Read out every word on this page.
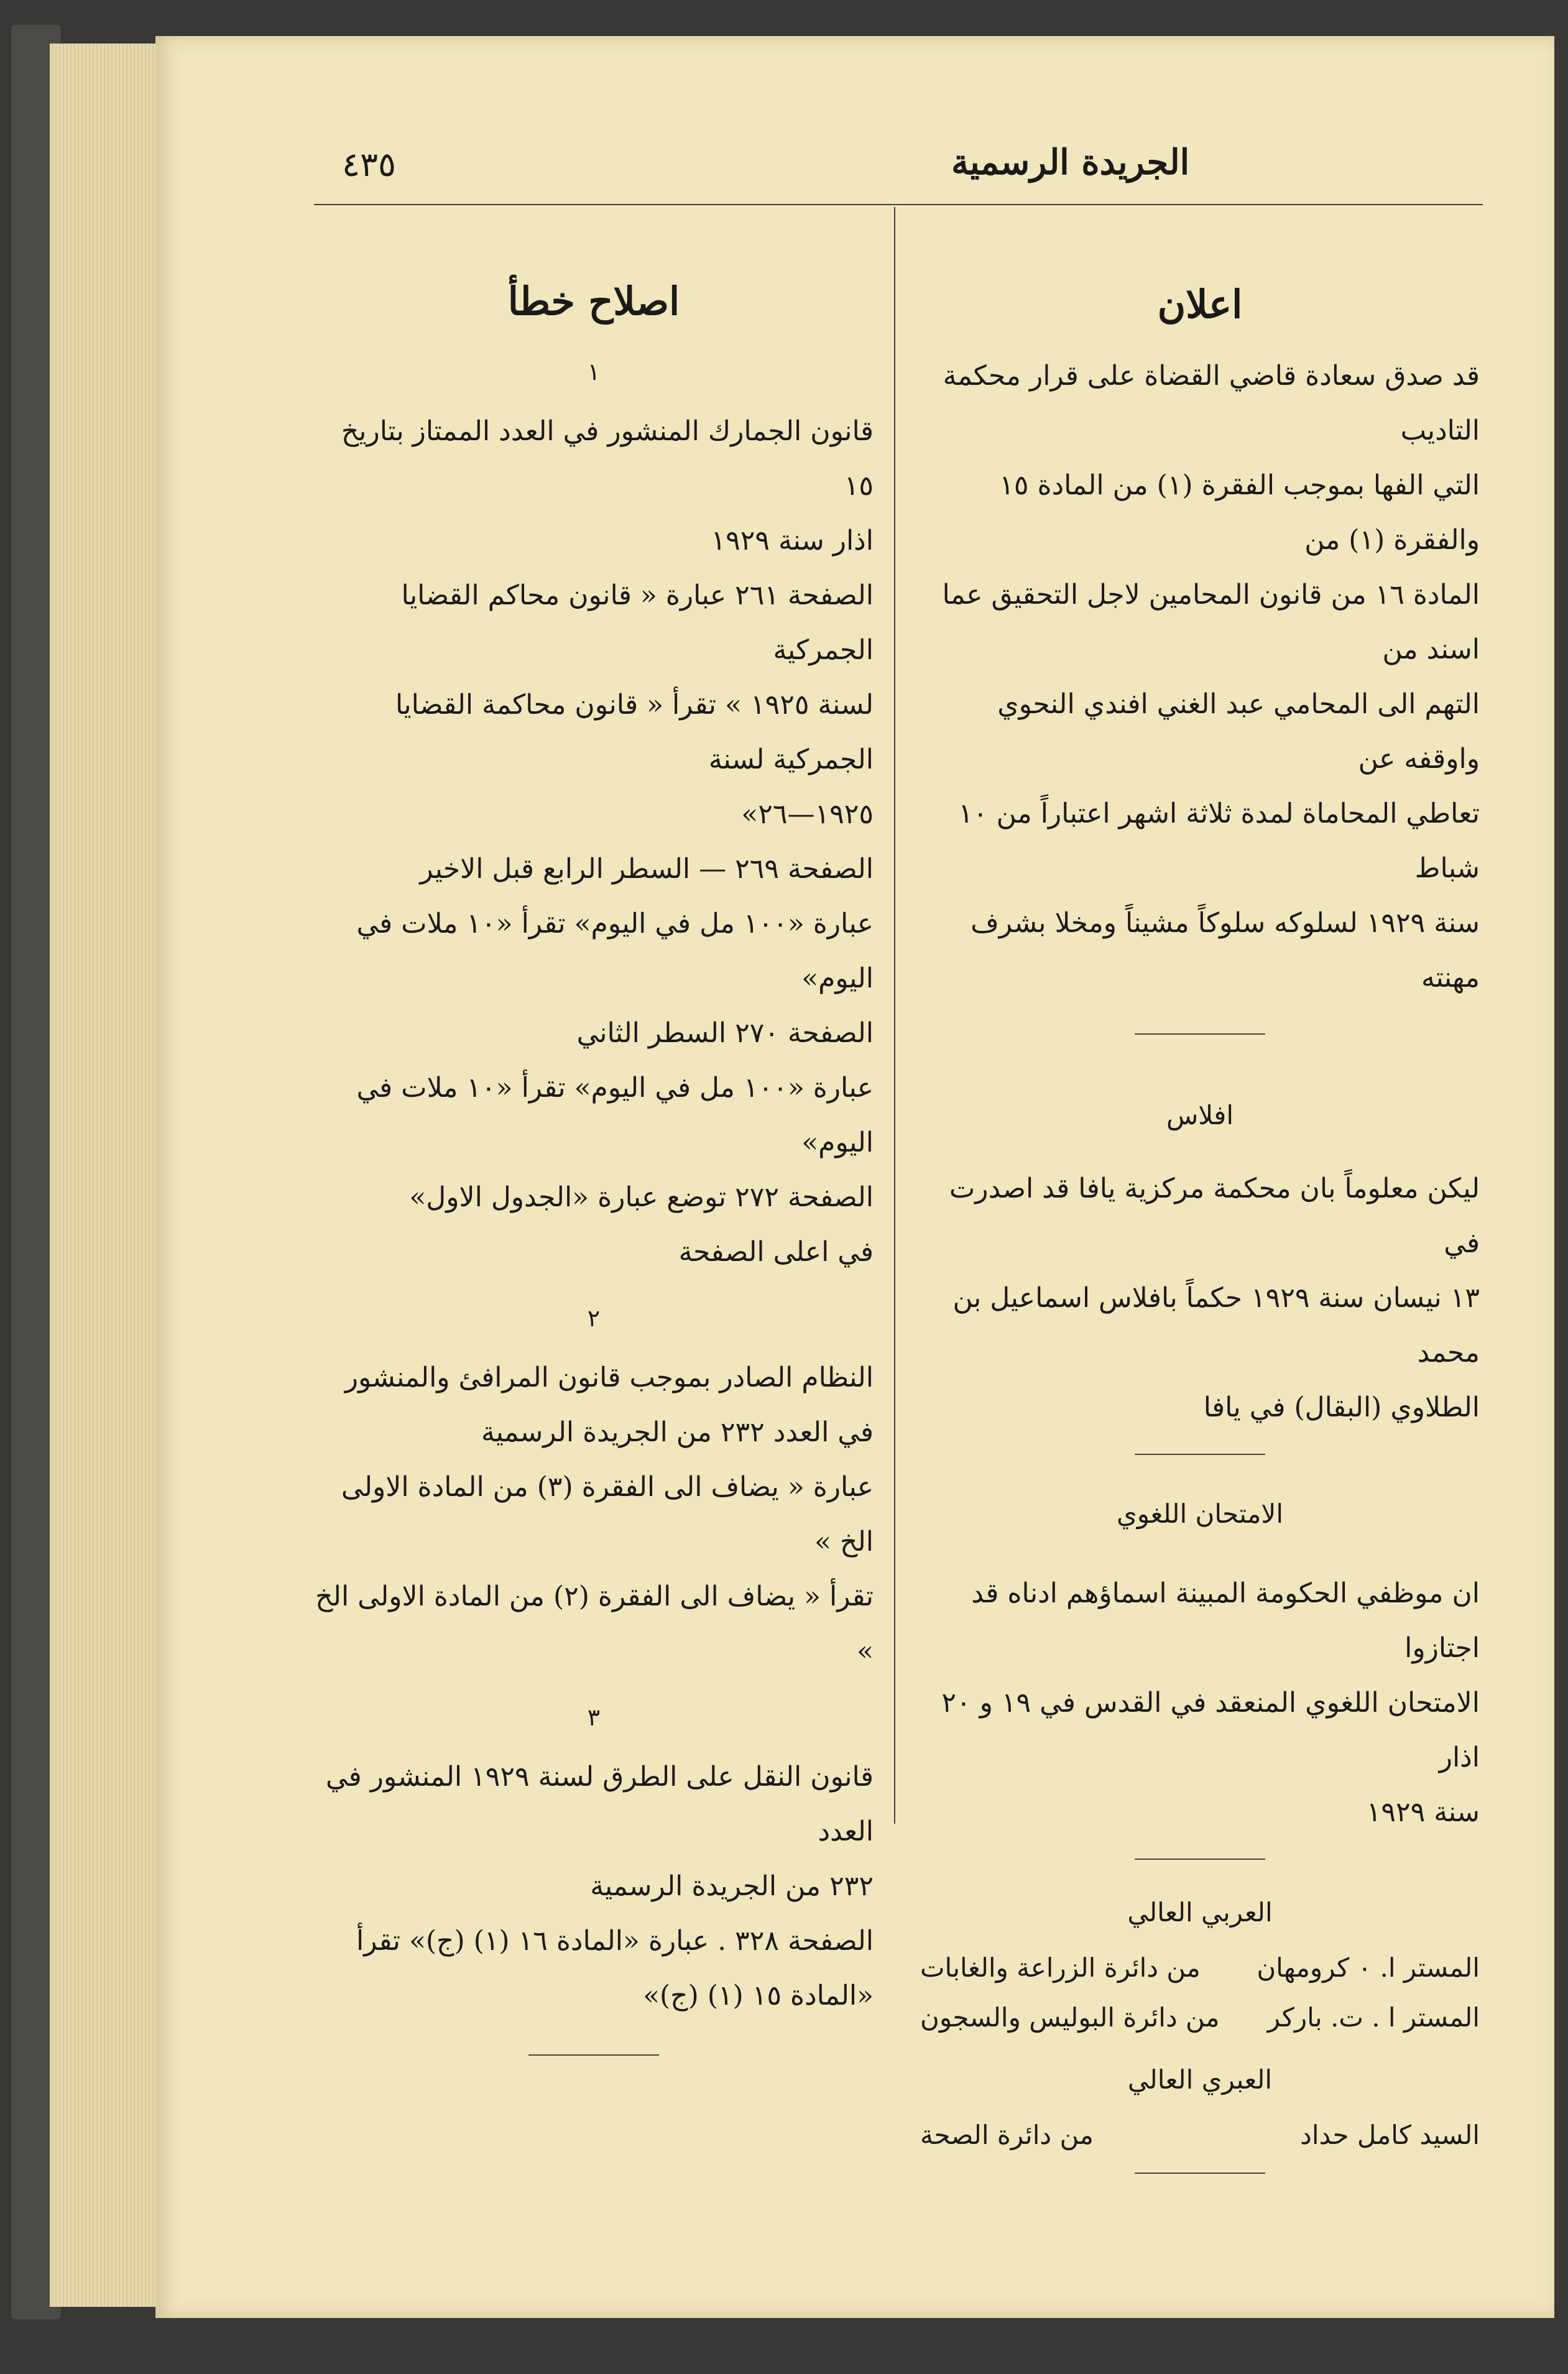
الجريدة الرسمية
٤٣٥
اعلان
قد صدق سعادة قاضي القضاة على قرار محكمة التاديب
التي الفها بموجب الفقرة (١) من المادة ١٥ والفقرة (١) من
المادة ١٦ من قانون المحامين لاجل التحقيق عما اسند من
التهم الى المحامي عبد الغني افندي النحوي واوقفه عن
تعاطي المحاماة لمدة ثلاثة اشهر اعتباراً من ١٠ شباط
سنة ١٩٢٩ لسلوكه سلوكاً مشيناً ومخلا بشرف مهنته
افلاس
ليكن معلوماً بان محكمة مركزية يافا قد اصدرت في
١٣ نيسان سنة ١٩٢٩ حكماً بافلاس اسماعيل بن محمد
الطلاوي (البقال) في يافا
الامتحان اللغوي
ان موظفي الحكومة المبينة اسماؤهم ادناه قد اجتازوا
الامتحان اللغوي المنعقد في القدس في ١٩ و ٢٠ اذار
سنة ١٩٢٩
العربي العالي
المستر ا. ٠ كرومهان
من دائرة الزراعة والغابات
المستر ا . ت. باركر
من دائرة البوليس والسجون
العبري العالي
السيد كامل حداد
من دائرة الصحة
اصلاح خطأ
١
قانون الجمارك المنشور في العدد الممتاز بتاريخ ١٥
اذار سنة ١٩٢٩
الصفحة ٢٦١ عبارة « قانون محاكم القضايا الجمركية
لسنة ١٩٢٥ » تقرأ « قانون محاكمة القضايا الجمركية لسنة
١٩٢٥—٢٦»
الصفحة ٢٦٩ — السطر الرابع قبل الاخير
عبارة «١٠٠ مل في اليوم» تقرأ «١٠ ملات في اليوم»
الصفحة ٢٧٠ السطر الثاني
عبارة «١٠٠ مل في اليوم» تقرأ «١٠ ملات في اليوم»
الصفحة ٢٧٢ توضع عبارة «الجدول الاول»
في اعلى الصفحة
٢
النظام الصادر بموجب قانون المرافئ والمنشور
في العدد ٢٣٢ من الجريدة الرسمية
عبارة « يضاف الى الفقرة (٣) من المادة الاولى الخ »
تقرأ « يضاف الى الفقرة (٢) من المادة الاولى الخ »
٣
قانون النقل على الطرق لسنة ١٩٢٩ المنشور في العدد
٢٣٢ من الجريدة الرسمية
الصفحة ٣٢٨ . عبارة «المادة ١٦ (١) (ج)» تقرأ
«المادة ١٥ (١) (ج)»
